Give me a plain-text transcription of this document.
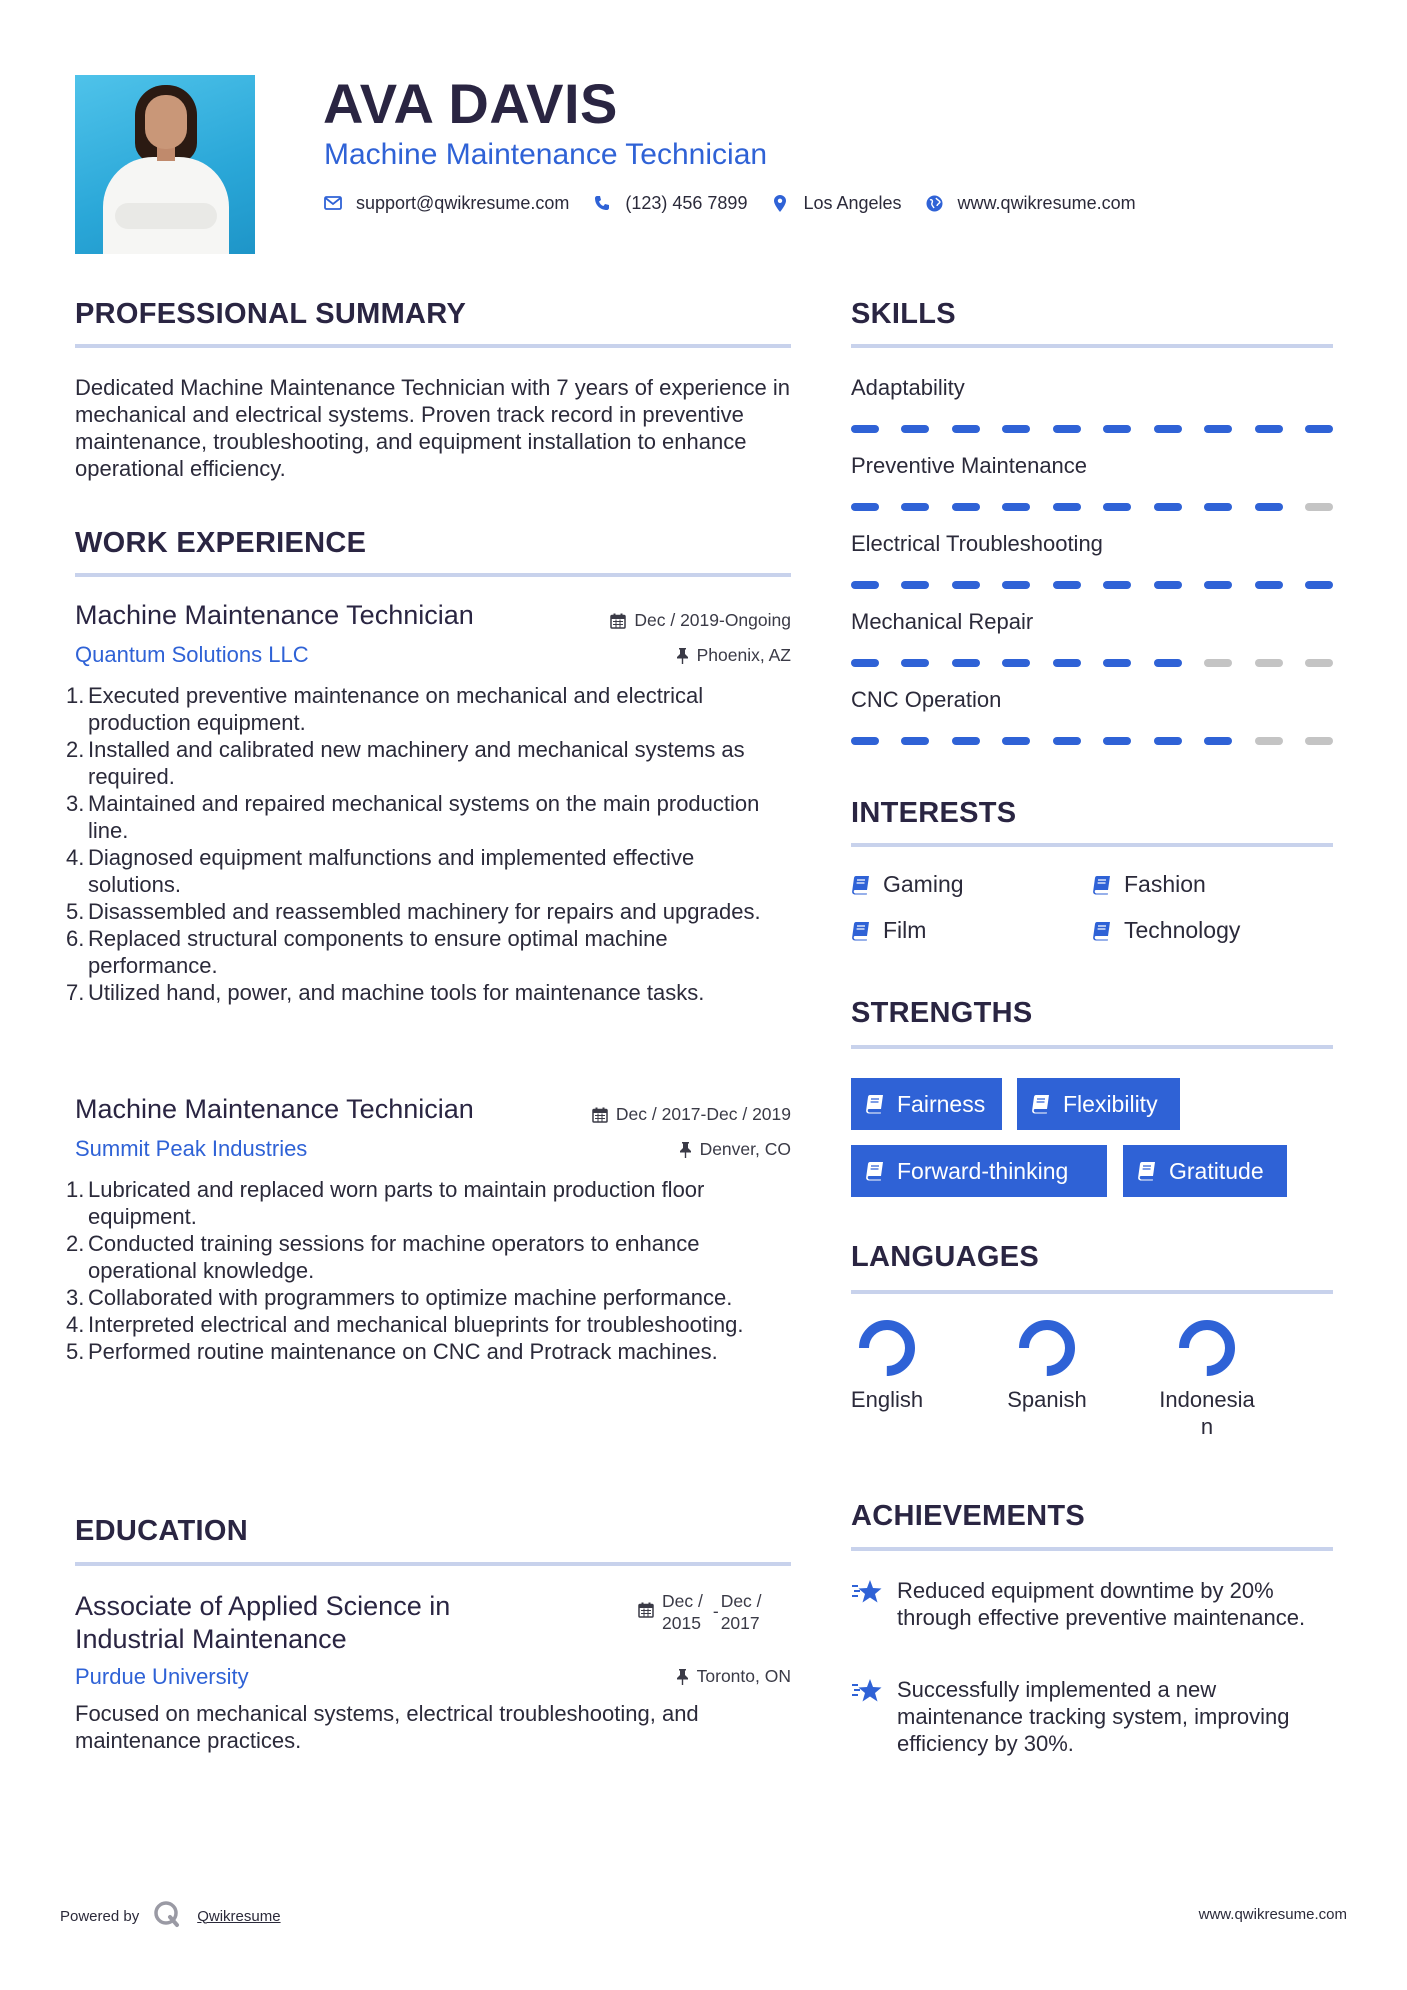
AVA DAVIS
Machine Maintenance Technician
support@qwikresume.com	(123) 456 7899	Los Angeles	www.qwikresume.com
PROFESSIONAL SUMMARY
Dedicated Machine Maintenance Technician with 7 years of experience in mechanical and electrical systems. Proven track record in preventive maintenance, troubleshooting, and equipment installation to enhance operational efficiency.
WORK EXPERIENCE
Machine Maintenance Technician	Dec / 2019-Ongoing
Quantum Solutions LLC	Phoenix, AZ
1. Executed preventive maintenance on mechanical and electrical production equipment.
2. Installed and calibrated new machinery and mechanical systems as required.
3. Maintained and repaired mechanical systems on the main production line.
4. Diagnosed equipment malfunctions and implemented effective solutions.
5. Disassembled and reassembled machinery for repairs and upgrades.
6. Replaced structural components to ensure optimal machine performance.
7. Utilized hand, power, and machine tools for maintenance tasks.
Machine Maintenance Technician	Dec / 2017-Dec / 2019
Summit Peak Industries	Denver, CO
1. Lubricated and replaced worn parts to maintain production floor equipment.
2. Conducted training sessions for machine operators to enhance operational knowledge.
3. Collaborated with programmers to optimize machine performance.
4. Interpreted electrical and mechanical blueprints for troubleshooting.
5. Performed routine maintenance on CNC and Protrack machines.
EDUCATION
Associate of Applied Science in
Industrial Maintenance
Dec /
2015
- Dec /
2017
Purdue University	Toronto, ON
Focused on mechanical systems, electrical troubleshooting, and maintenance practices.
SKILLS
Adaptability
Preventive Maintenance
Electrical Troubleshooting
Mechanical Repair
CNC Operation
INTERESTS
Gaming	Fashion
Film	Technology
STRENGTHS
Fairness	Flexibility
Forward-thinking	Gratitude
LANGUAGES
English	Spanish	Indonesia
n
ACHIEVEMENTS
Reduced equipment downtime by 20% through effective preventive maintenance.
Successfully implemented a new maintenance tracking system, improving efficiency by 30%.
Powered by	Qwikresume	www.qwikresume.com
